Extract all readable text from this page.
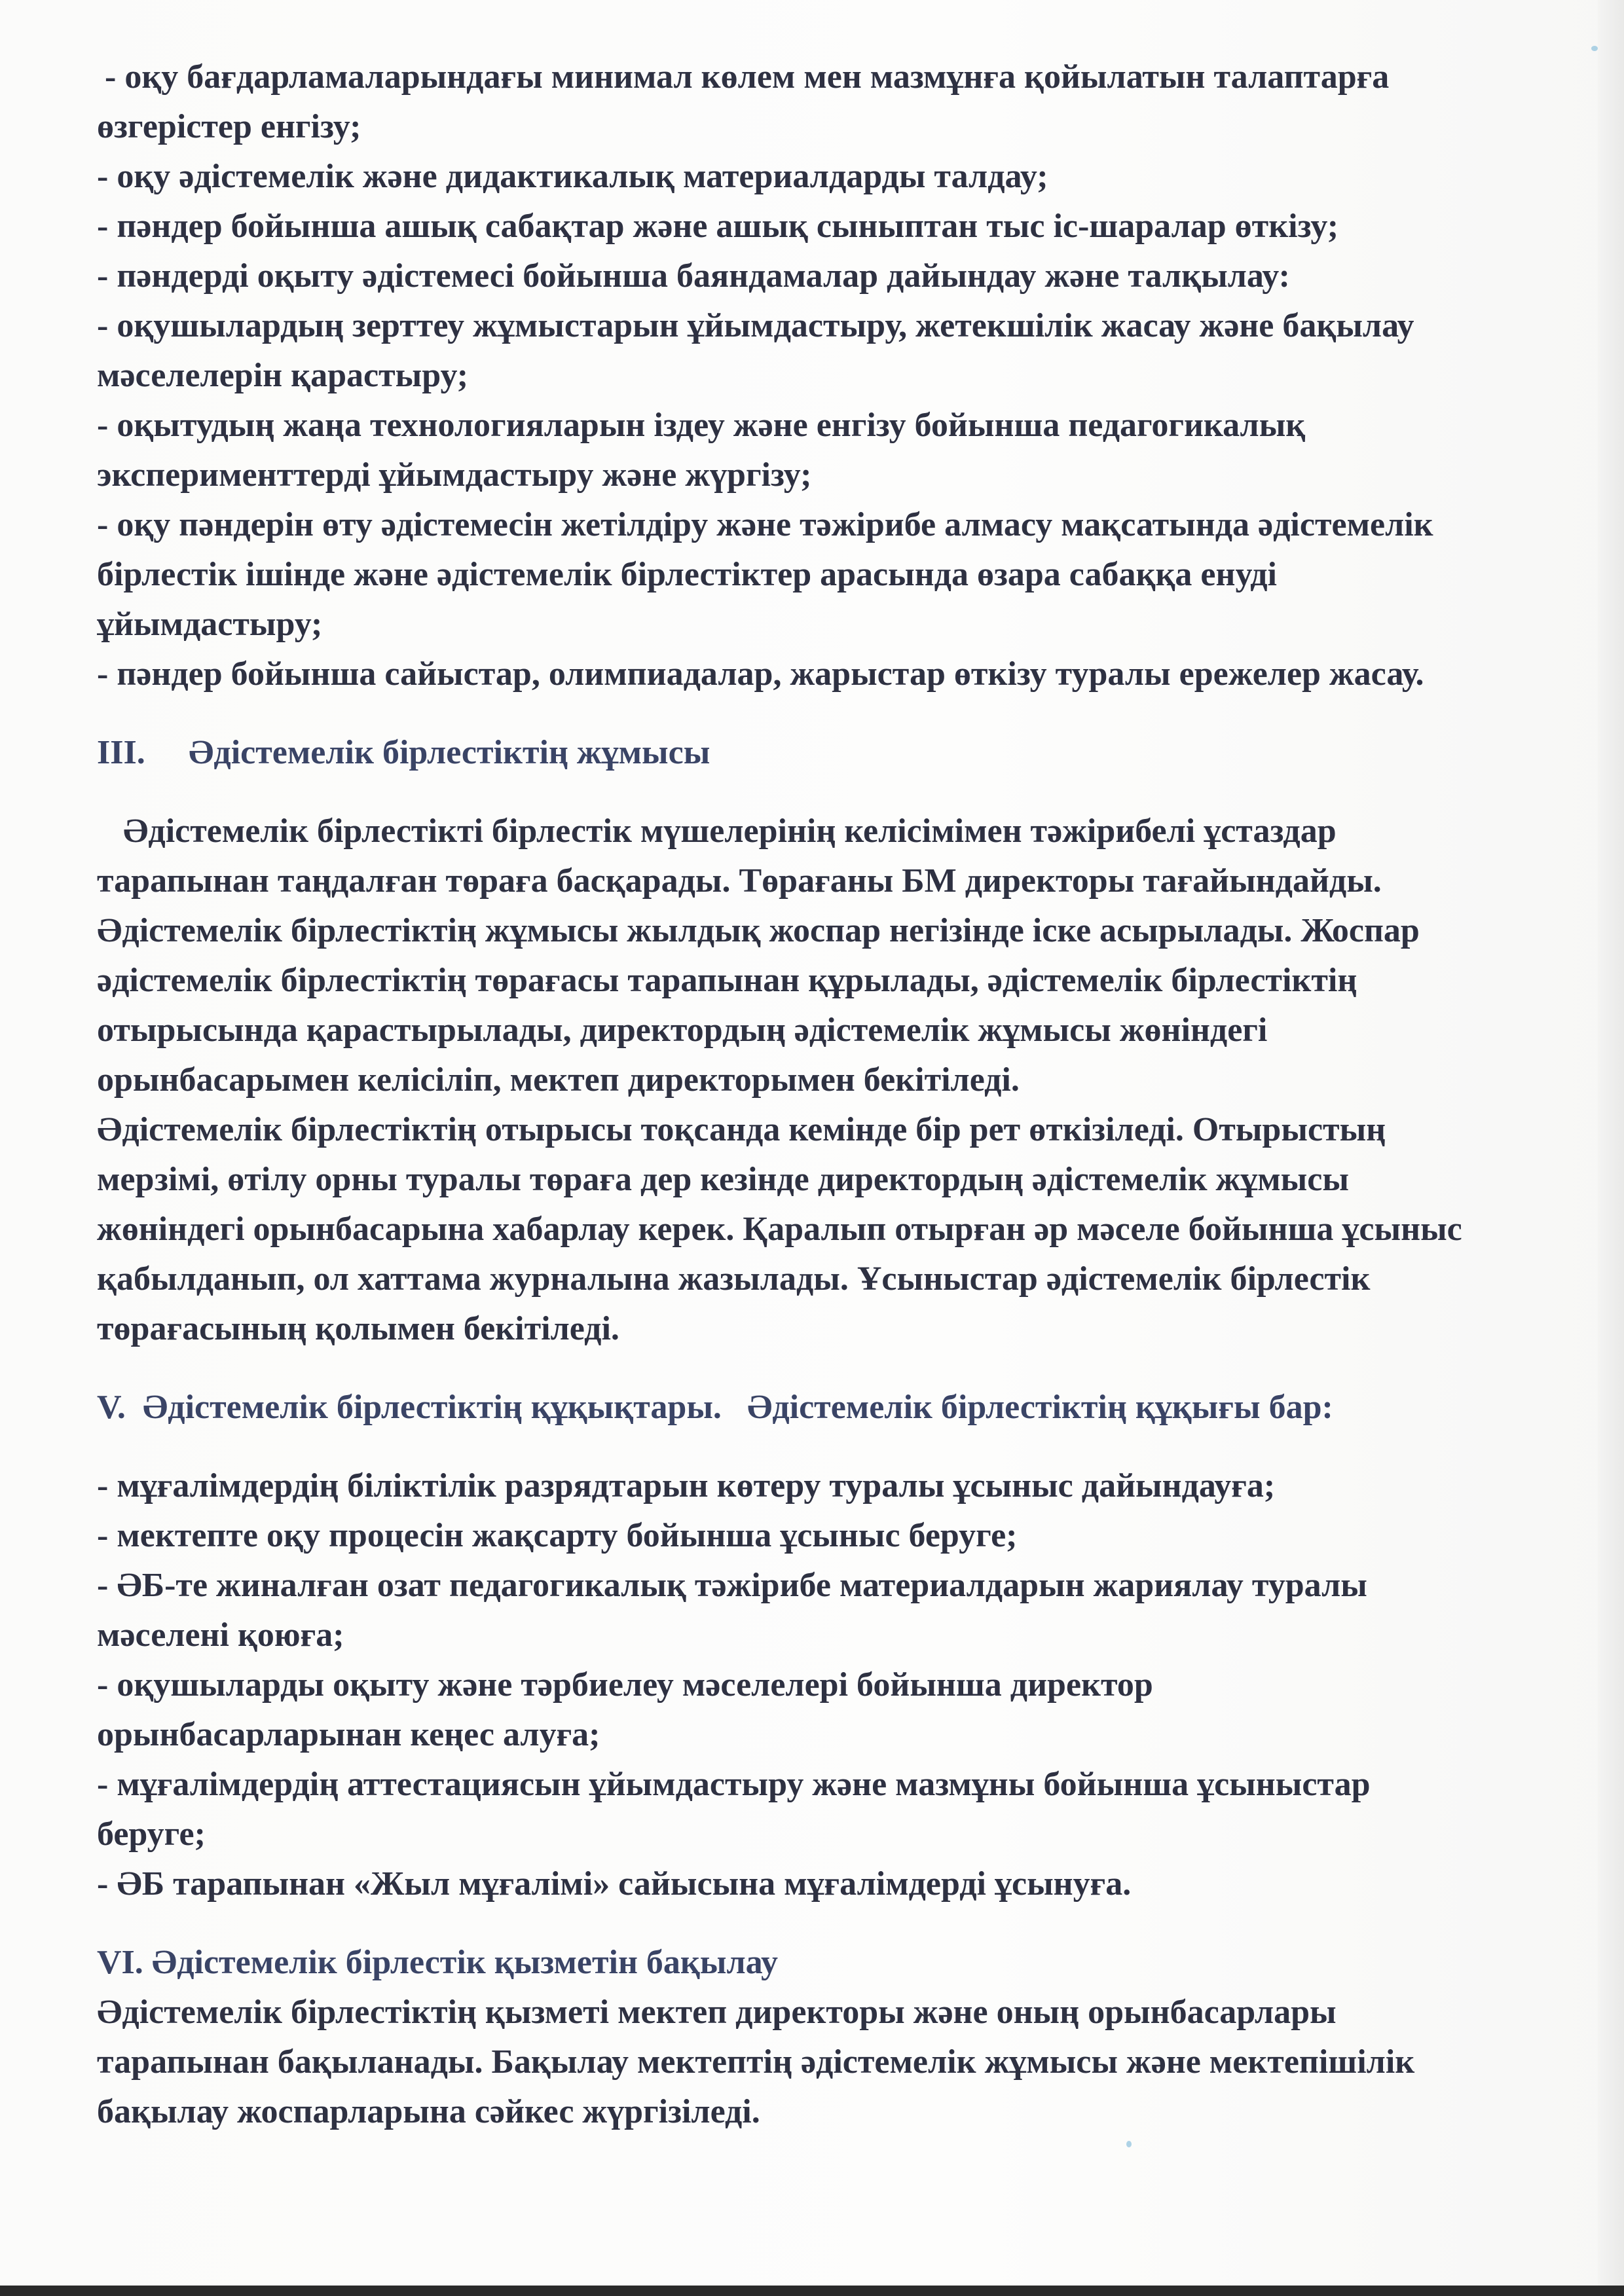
- оқу бағдарламаларындағы минимал көлем мен мазмұнға қойылатын талаптарға
өзгерістер енгізу;
- оқу әдістемелік және дидактикалық материалдарды талдау;
- пәндер бойынша ашық сабақтар және ашық сыныптан тыс іс-шаралар өткізу;
- пәндерді оқыту әдістемесі бойынша баяндамалар дайындау және талқылау:
- оқушылардың зерттеу жұмыстарын ұйымдастыру, жетекшілік жасау және бақылау
мәселелерін қарастыру;
- оқытудың жаңа технологияларын іздеу және енгізу бойынша педагогикалық
эксперименттерді ұйымдастыру және жүргізу;
- оқу пәндерін өту әдістемесін жетілдіру және тәжірибе алмасу мақсатында әдістемелік
бірлестік ішінде және әдістемелік бірлестіктер арасында өзара сабаққа енуді
ұйымдастыру;
- пәндер бойынша сайыстар, олимпиадалар, жарыстар өткізу туралы ережелер жасау.
III. Әдістемелік бірлестіктің жұмысы
Әдістемелік бірлестікті бірлестік мүшелерінің келісімімен тәжірибелі ұстаздар
тарапынан таңдалған төраға басқарады. Төрағаны БМ директоры тағайындайды.
Әдістемелік бірлестіктің жұмысы жылдық жоспар негізінде іске асырылады. Жоспар
әдістемелік бірлестіктің төрағасы тарапынан құрылады, әдістемелік бірлестіктің
отырысында қарастырылады, директордың әдістемелік жұмысы жөніндегі
орынбасарымен келісіліп, мектеп директорымен бекітіледі.
Әдістемелік бірлестіктің отырысы тоқсанда кемінде бір рет өткізіледі. Отырыстың
мерзімі, өтілу орны туралы төраға дер кезінде директордың әдістемелік жұмысы
жөніндегі орынбасарына хабарлау керек. Қаралып отырған әр мәселе бойынша ұсыныс
қабылданып, ол хаттама журналына жазылады. Ұсыныстар әдістемелік бірлестік
төрағасының қолымен бекітіледі.
V. Әдістемелік бірлестіктің құқықтары. Әдістемелік бірлестіктің құқығы бар:
- мұғалімдердің біліктілік разрядтарын көтеру туралы ұсыныс дайындауға;
- мектепте оқу процесін жақсарту бойынша ұсыныс беруге;
- ӘБ-те жиналған озат педагогикалық тәжірибе материалдарын жариялау туралы
мәселені қоюға;
- оқушыларды оқыту және тәрбиелеу мәселелері бойынша директор
орынбасарларынан кеңес алуға;
- мұғалімдердің аттестациясын ұйымдастыру және мазмұны бойынша ұсыныстар
беруге;
- ӘБ тарапынан «Жыл мұғалімі» сайысына мұғалімдерді ұсынуға.
VI. Әдістемелік бірлестік қызметін бақылау
Әдістемелік бірлестіктің қызметі мектеп директоры және оның орынбасарлары
тарапынан бақыланады. Бақылау мектептің әдістемелік жұмысы және мектепішілік
бақылау жоспарларына сәйкес жүргізіледі.
